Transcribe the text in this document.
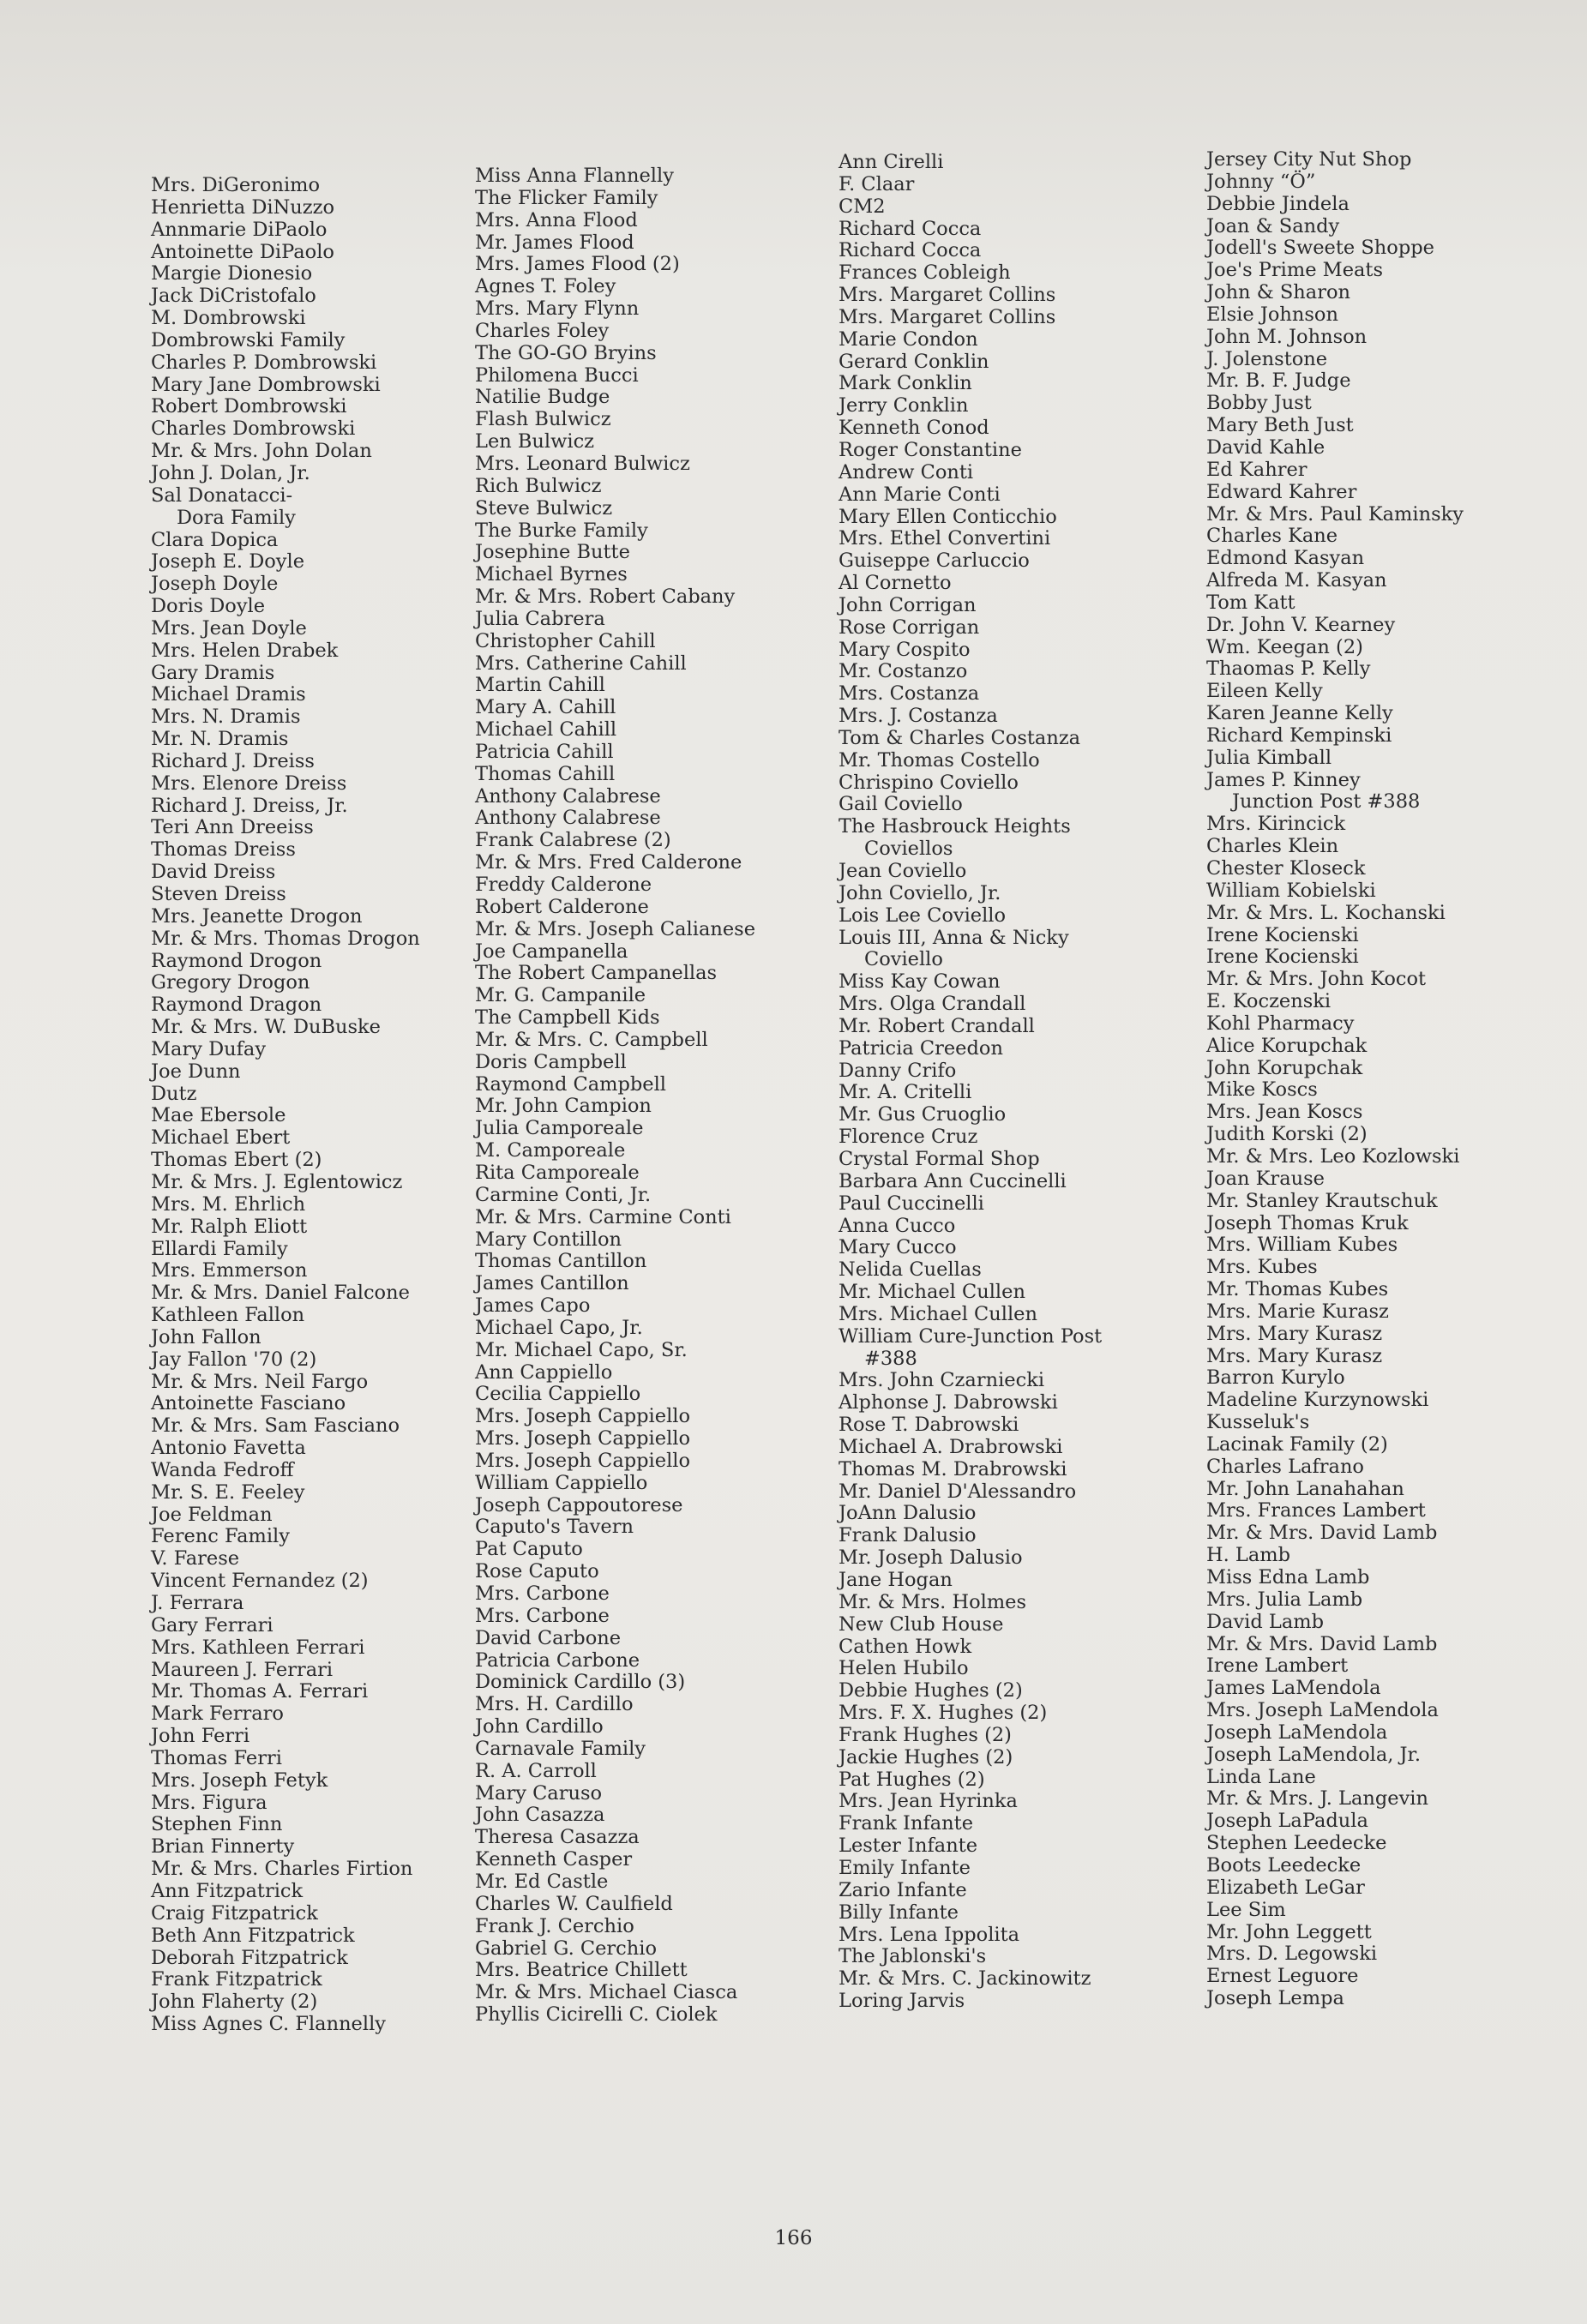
Mrs. DiGeronimo
Henrietta DiNuzzo
Annmarie DiPaolo
Antoinette DiPaolo
Margie Dionesio
Jack DiCristofalo
M. Dombrowski
Dombrowski Family
Charles P. Dombrowski
Mary Jane Dombrowski
Robert Dombrowski
Charles Dombrowski
Mr. & Mrs. John Dolan
John J. Dolan, Jr.
Sal Donatacci-
Dora Family
Clara Dopica
Joseph E. Doyle
Joseph Doyle
Doris Doyle
Mrs. Jean Doyle
Mrs. Helen Drabek
Gary Dramis
Michael Dramis
Mrs. N. Dramis
Mr. N. Dramis
Richard J. Dreiss
Mrs. Elenore Dreiss
Richard J. Dreiss, Jr.
Teri Ann Dreeiss
Thomas Dreiss
David Dreiss
Steven Dreiss
Mrs. Jeanette Drogon
Mr. & Mrs. Thomas Drogon
Raymond Drogon
Gregory Drogon
Raymond Dragon
Mr. & Mrs. W. DuBuske
Mary Dufay
Joe Dunn
Dutz
Mae Ebersole
Michael Ebert
Thomas Ebert (2)
Mr. & Mrs. J. Eglentowicz
Mrs. M. Ehrlich
Mr. Ralph Eliott
Ellardi Family
Mrs. Emmerson
Mr. & Mrs. Daniel Falcone
Kathleen Fallon
John Fallon
Jay Fallon '70 (2)
Mr. & Mrs. Neil Fargo
Antoinette Fasciano
Mr. & Mrs. Sam Fasciano
Antonio Favetta
Wanda Fedroff
Mr. S. E. Feeley
Joe Feldman
Ferenc Family
V. Farese
Vincent Fernandez (2)
J. Ferrara
Gary Ferrari
Mrs. Kathleen Ferrari
Maureen J. Ferrari
Mr. Thomas A. Ferrari
Mark Ferraro
John Ferri
Thomas Ferri
Mrs. Joseph Fetyk
Mrs. Figura
Stephen Finn
Brian Finnerty
Mr. & Mrs. Charles Firtion
Ann Fitzpatrick
Craig Fitzpatrick
Beth Ann Fitzpatrick
Deborah Fitzpatrick
Frank Fitzpatrick
John Flaherty (2)
Miss Agnes C. Flannelly
Miss Anna Flannelly
The Flicker Family
Mrs. Anna Flood
Mr. James Flood
Mrs. James Flood (2)
Agnes T. Foley
Mrs. Mary Flynn
Charles Foley
The GO-GO Bryins
Philomena Bucci
Natilie Budge
Flash Bulwicz
Len Bulwicz
Mrs. Leonard Bulwicz
Rich Bulwicz
Steve Bulwicz
The Burke Family
Josephine Butte
Michael Byrnes
Mr. & Mrs. Robert Cabany
Julia Cabrera
Christopher Cahill
Mrs. Catherine Cahill
Martin Cahill
Mary A. Cahill
Michael Cahill
Patricia Cahill
Thomas Cahill
Anthony Calabrese
Anthony Calabrese
Frank Calabrese (2)
Mr. & Mrs. Fred Calderone
Freddy Calderone
Robert Calderone
Mr. & Mrs. Joseph Calianese
Joe Campanella
The Robert Campanellas
Mr. G. Campanile
The Campbell Kids
Mr. & Mrs. C. Campbell
Doris Campbell
Raymond Campbell
Mr. John Campion
Julia Camporeale
M. Camporeale
Rita Camporeale
Carmine Conti, Jr.
Mr. & Mrs. Carmine Conti
Mary Contillon
Thomas Cantillon
James Cantillon
James Capo
Michael Capo, Jr.
Mr. Michael Capo, Sr.
Ann Cappiello
Cecilia Cappiello
Mrs. Joseph Cappiello
Mrs. Joseph Cappiello
Mrs. Joseph Cappiello
William Cappiello
Joseph Cappoutorese
Caputo's Tavern
Pat Caputo
Rose Caputo
Mrs. Carbone
Mrs. Carbone
David Carbone
Patricia Carbone
Dominick Cardillo (3)
Mrs. H. Cardillo
John Cardillo
Carnavale Family
R. A. Carroll
Mary Caruso
John Casazza
Theresa Casazza
Kenneth Casper
Mr. Ed Castle
Charles W. Caulfield
Frank J. Cerchio
Gabriel G. Cerchio
Mrs. Beatrice Chillett
Mr. & Mrs. Michael Ciasca
Phyllis Cicirelli C. Ciolek
Ann Cirelli
F. Claar
CM2
Richard Cocca
Richard Cocca
Frances Cobleigh
Mrs. Margaret Collins
Mrs. Margaret Collins
Marie Condon
Gerard Conklin
Mark Conklin
Jerry Conklin
Kenneth Conod
Roger Constantine
Andrew Conti
Ann Marie Conti
Mary Ellen Conticchio
Mrs. Ethel Convertini
Guiseppe Carluccio
Al Cornetto
John Corrigan
Rose Corrigan
Mary Cospito
Mr. Costanzo
Mrs. Costanza
Mrs. J. Costanza
Tom & Charles Costanza
Mr. Thomas Costello
Chrispino Coviello
Gail Coviello
The Hasbrouck Heights
Coviellos
Jean Coviello
John Coviello, Jr.
Lois Lee Coviello
Louis III, Anna & Nicky
Coviello
Miss Kay Cowan
Mrs. Olga Crandall
Mr. Robert Crandall
Patricia Creedon
Danny Crifo
Mr. A. Critelli
Mr. Gus Cruoglio
Florence Cruz
Crystal Formal Shop
Barbara Ann Cuccinelli
Paul Cuccinelli
Anna Cucco
Mary Cucco
Nelida Cuellas
Mr. Michael Cullen
Mrs. Michael Cullen
William Cure-Junction Post
#388
Mrs. John Czarniecki
Alphonse J. Dabrowski
Rose T. Dabrowski
Michael A. Drabrowski
Thomas M. Drabrowski
Mr. Daniel D'Alessandro
JoAnn Dalusio
Frank Dalusio
Mr. Joseph Dalusio
Jane Hogan
Mr. & Mrs. Holmes
New Club House
Cathen Howk
Helen Hubilo
Debbie Hughes (2)
Mrs. F. X. Hughes (2)
Frank Hughes (2)
Jackie Hughes (2)
Pat Hughes (2)
Mrs. Jean Hyrinka
Frank Infante
Lester Infante
Emily Infante
Zario Infante
Billy Infante
Mrs. Lena Ippolita
The Jablonski's
Mr. & Mrs. C. Jackinowitz
Loring Jarvis
Jersey City Nut Shop
Johnny “Ö”
Debbie Jindela
Joan & Sandy
Jodell's Sweete Shoppe
Joe's Prime Meats
John & Sharon
Elsie Johnson
John M. Johnson
J. Jolenstone
Mr. B. F. Judge
Bobby Just
Mary Beth Just
David Kahle
Ed Kahrer
Edward Kahrer
Mr. & Mrs. Paul Kaminsky
Charles Kane
Edmond Kasyan
Alfreda M. Kasyan
Tom Katt
Dr. John V. Kearney
Wm. Keegan (2)
Thaomas P. Kelly
Eileen Kelly
Karen Jeanne Kelly
Richard Kempinski
Julia Kimball
James P. Kinney
Junction Post #388
Mrs. Kirincick
Charles Klein
Chester Kloseck
William Kobielski
Mr. & Mrs. L. Kochanski
Irene Kocienski
Irene Kocienski
Mr. & Mrs. John Kocot
E. Koczenski
Kohl Pharmacy
Alice Korupchak
John Korupchak
Mike Koscs
Mrs. Jean Koscs
Judith Korski (2)
Mr. & Mrs. Leo Kozlowski
Joan Krause
Mr. Stanley Krautschuk
Joseph Thomas Kruk
Mrs. William Kubes
Mrs. Kubes
Mr. Thomas Kubes
Mrs. Marie Kurasz
Mrs. Mary Kurasz
Mrs. Mary Kurasz
Barron Kurylo
Madeline Kurzynowski
Kusseluk's
Lacinak Family (2)
Charles Lafrano
Mr. John Lanahahan
Mrs. Frances Lambert
Mr. & Mrs. David Lamb
H. Lamb
Miss Edna Lamb
Mrs. Julia Lamb
David Lamb
Mr. & Mrs. David Lamb
Irene Lambert
James LaMendola
Mrs. Joseph LaMendola
Joseph LaMendola
Joseph LaMendola, Jr.
Linda Lane
Mr. & Mrs. J. Langevin
Joseph LaPadula
Stephen Leedecke
Boots Leedecke
Elizabeth LeGar
Lee Sim
Mr. John Leggett
Mrs. D. Legowski
Ernest Leguore
Joseph Lempa
166
